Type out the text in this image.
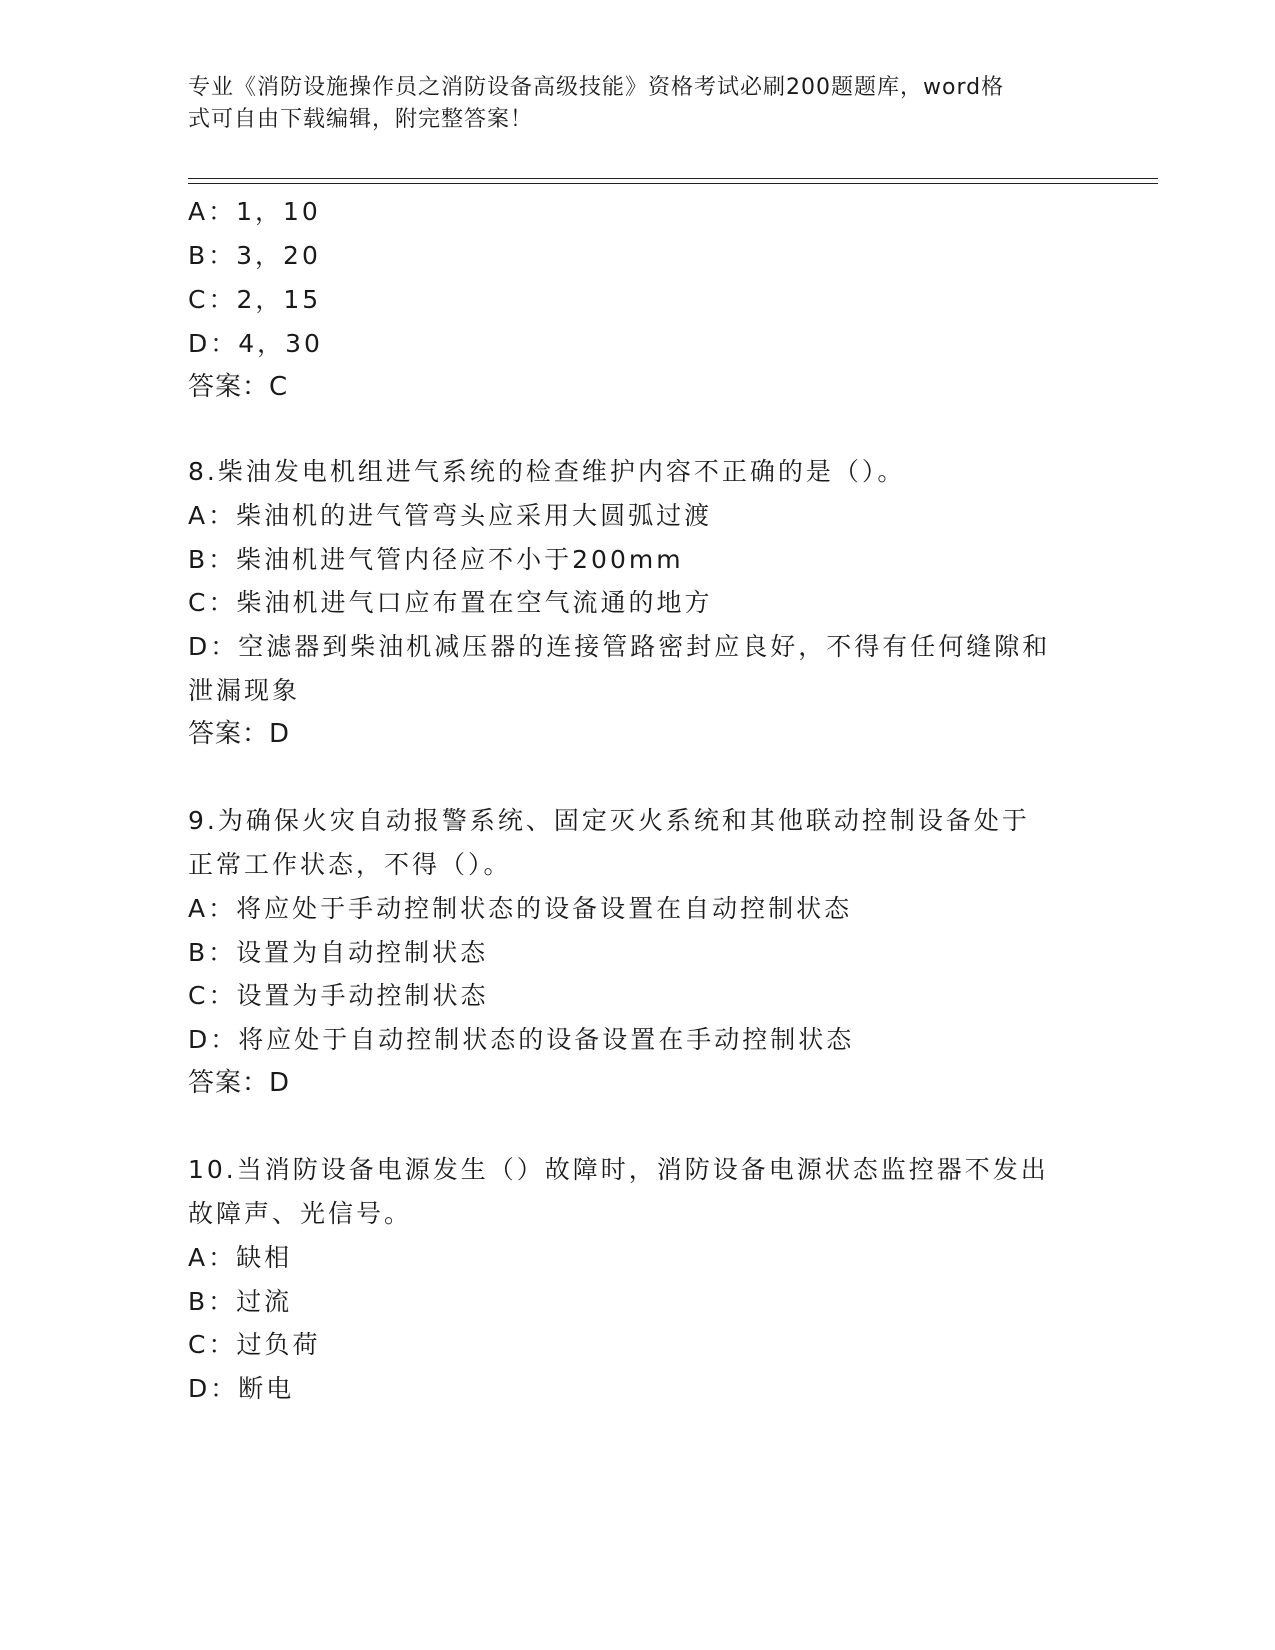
专业《消防设施操作员之消防设备高级技能》资格考试必刷200题题库，word格
式可自由下载编辑，附完整答案！
A：1，10
B：3，20
C：2，15
D：4，30
答案：C
8.柴油发电机组进气系统的检查维护内容不正确的是（）。
A：柴油机的进气管弯头应采用大圆弧过渡
B：柴油机进气管内径应不小于200mm
C：柴油机进气口应布置在空气流通的地方
D：空滤器到柴油机减压器的连接管路密封应良好，不得有任何缝隙和
泄漏现象
答案：D
9.为确保火灾自动报警系统、固定灭火系统和其他联动控制设备处于
正常工作状态，不得（）。
A：将应处于手动控制状态的设备设置在自动控制状态
B：设置为自动控制状态
C：设置为手动控制状态
D：将应处于自动控制状态的设备设置在手动控制状态
答案：D
10.当消防设备电源发生（）故障时，消防设备电源状态监控器不发出
故障声、光信号。
A：缺相
B：过流
C：过负荷
D：断电
